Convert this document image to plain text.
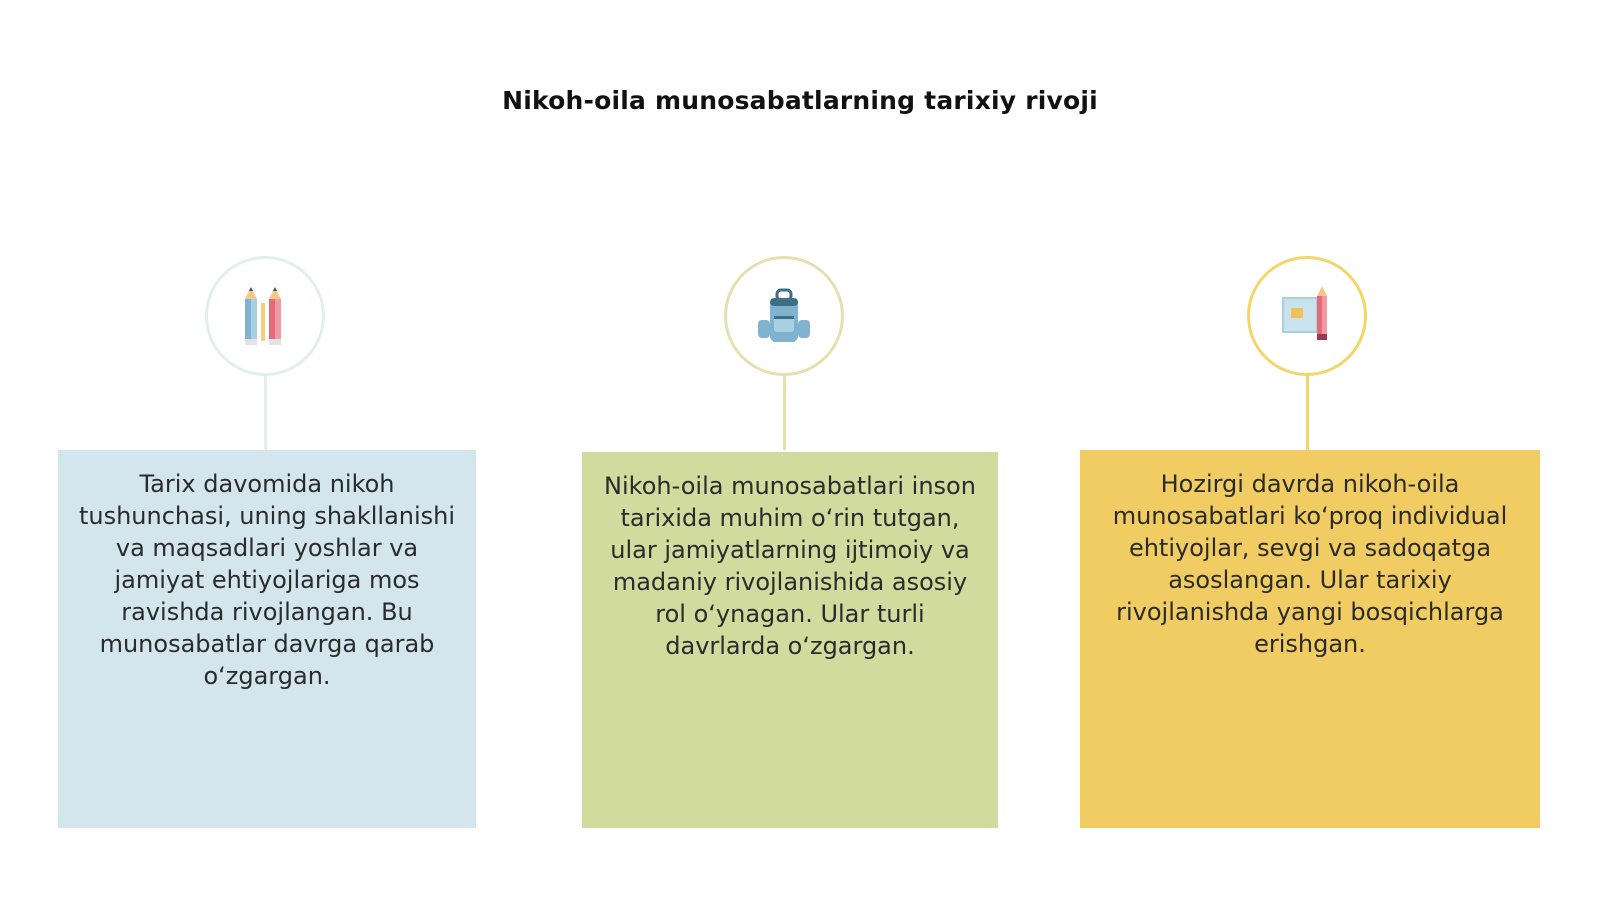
Nikoh-oila munosabatlarning tarixiy rivoji
Tarix davomida nikoh tushunchasi, uning shakllanishi va maqsadlari yoshlar va jamiyat ehtiyojlariga mos ravishda rivojlangan. Bu munosabatlar davrga qarab o‘zgargan.
Nikoh-oila munosabatlari inson tarixida muhim o‘rin tutgan, ular jamiyatlarning ijtimoiy va madaniy rivojlanishida asosiy rol o‘ynagan. Ular turli davrlarda o‘zgargan.
Hozirgi davrda nikoh-oila munosabatlari ko‘proq individual ehtiyojlar, sevgi va sadoqatga asoslangan. Ular tarixiy rivojlanishda yangi bosqichlarga erishgan.
